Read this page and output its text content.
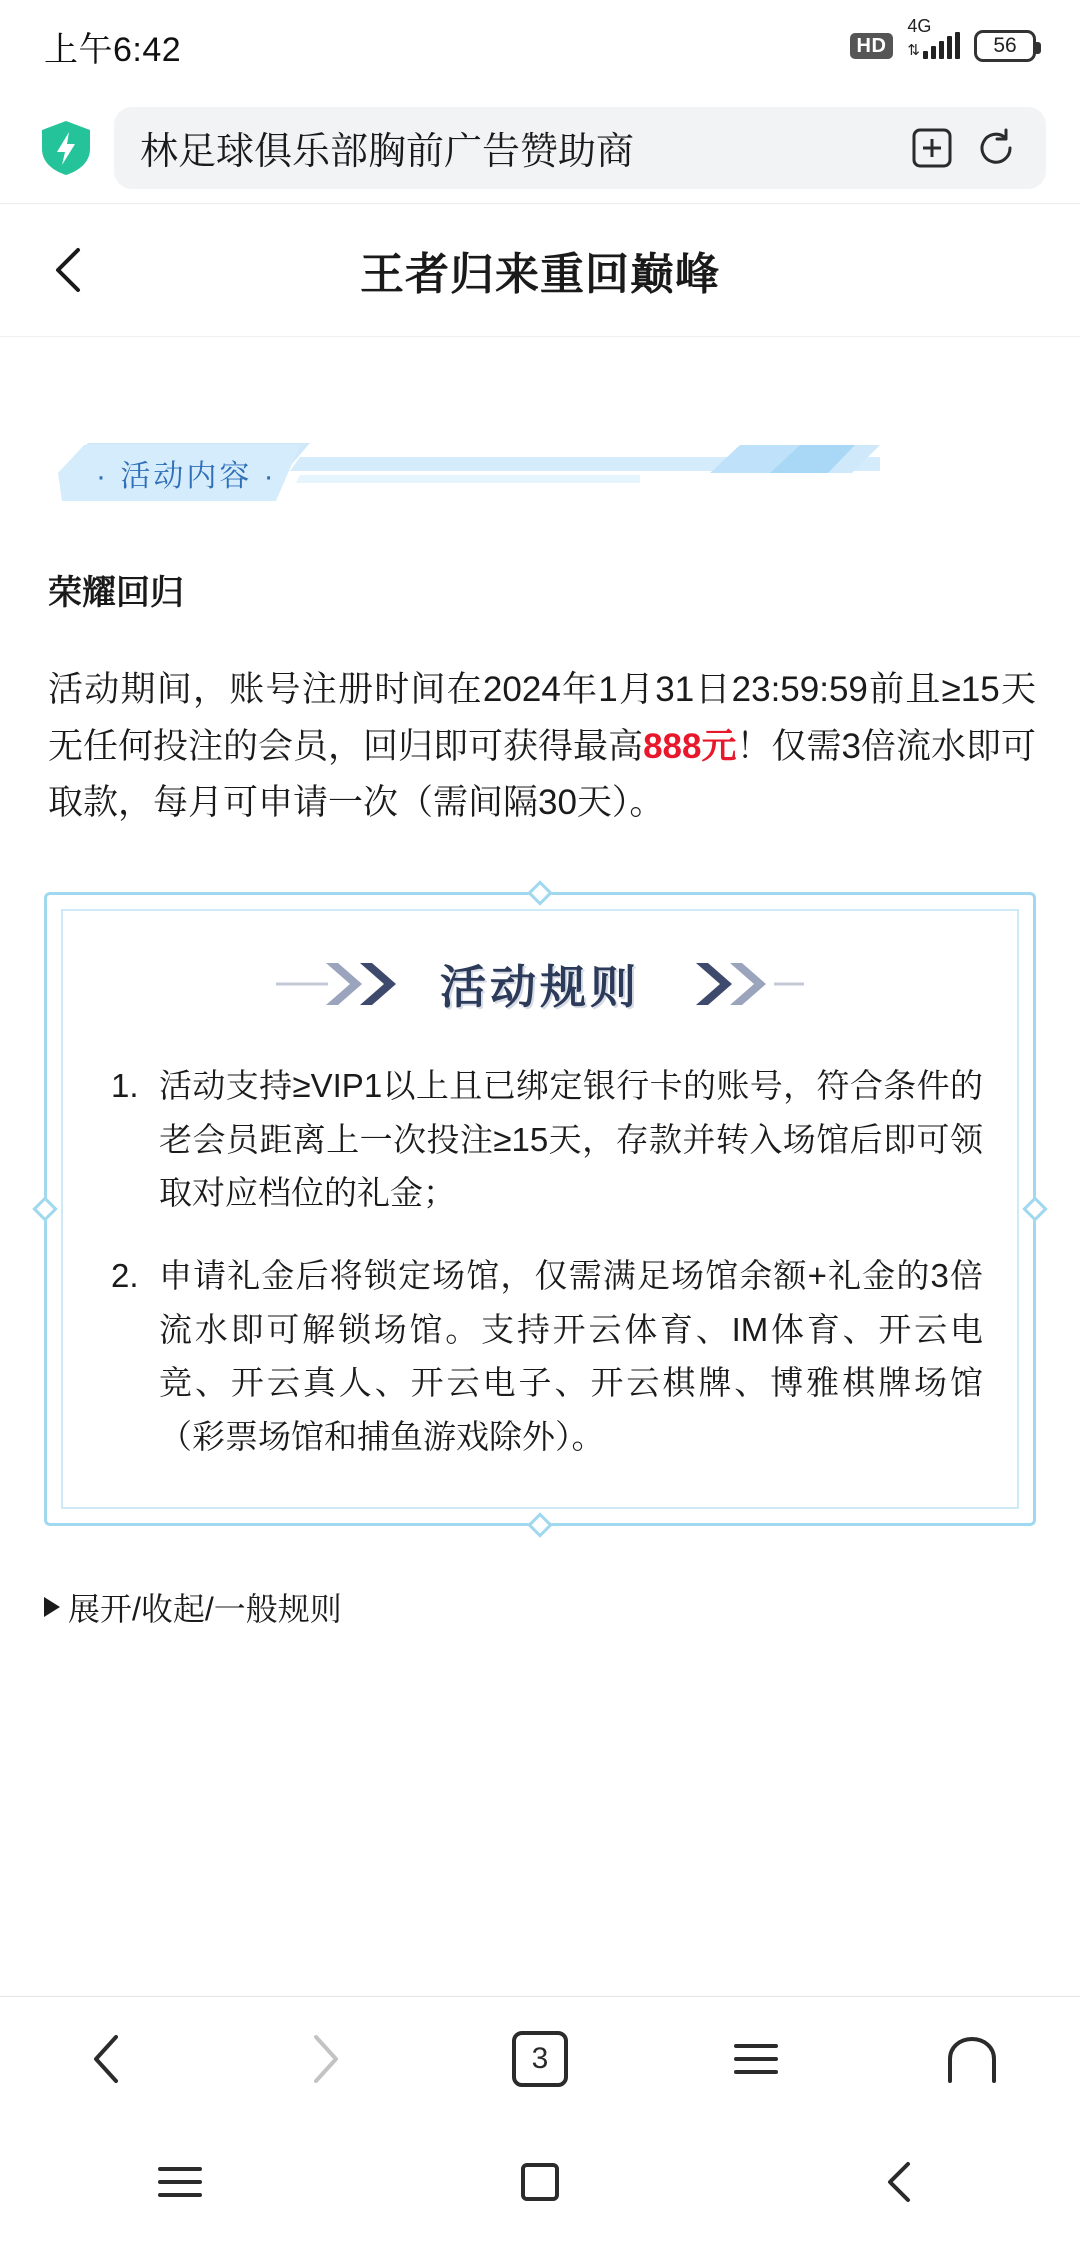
上午6:42	HD
4G
⇅	56
林足球俱乐部胸前广告赞助商
王者归来重回巅峰
· 活动内容 ·
荣耀回归
活动期间，账号注册时间在2024年1月31日23:59:59前且≥15天无任何投注的会员，回归即可获得最高888元！仅需3倍流水即可取款，每月可申请一次（需间隔30天）。
活动规则
活动支持≥VIP1以上且已绑定银行卡的账号，符合条件的老会员距离上一次投注≥15天，存款并转入场馆后即可领取对应档位的礼金；
申请礼金后将锁定场馆，仅需满足场馆余额+礼金的3倍流水即可解锁场馆。支持开云体育、IM体育、开云电竞、开云真人、开云电子、开云棋牌、博雅棋牌场馆（彩票场馆和捕鱼游戏除外）。
展开/收起/一般规则
3
